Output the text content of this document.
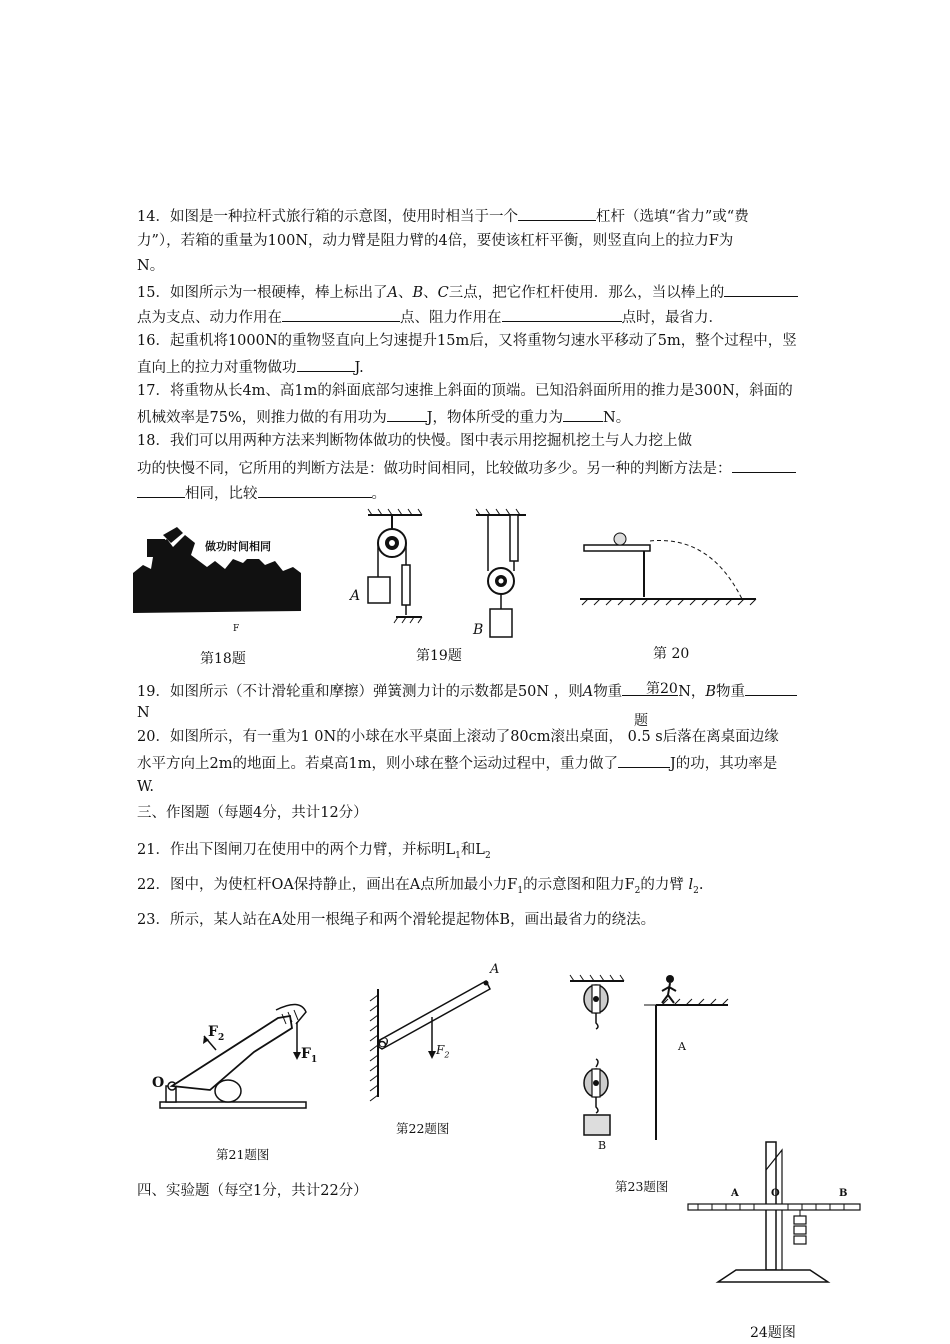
14．如图是一种拉杆式旅行箱的示意图，使用时相当于一个	杠杆（选填“省力”或“费
力”），若箱的重量为100N，动力臂是阻力臂的4倍，要使该杠杆平衡，则竖直向上的拉力F为
N。
15．如图所示为一根硬棒，棒上标出了A、B、C三点，把它作杠杆使用．那么，当以棒上的
点为支点、动力作用在	点、阻力作用在	点时，最省力．
16．起重机将1000N的重物竖直向上匀速提升15m后，又将重物匀速水平移动了5m，整个过程中，竖
直向上的拉力对重物做功	J.
17．将重物从长4m、高1m的斜面底部匀速推上斜面的顶端。已知沿斜面所用的推力是300N，斜面的
机械效率是75%，则推力做的有用功为	J，物体所受的重力为	N。
18．我们可以用两种方法来判断物体做功的快慢。图中表示用挖掘机挖土与人力挖上做
功的快慢不同，它所用的判断方法是：做功时间相同，比较做功多少。另一种的判断方法是：
相同，比较	。
做功时间相同
F
第18题
A
B
第19题	第 20
19．如图所示（不计滑轮重和摩擦）弹簧测力计的示数都是50N ，则A物重	N，B物重
第20
N	题
20．如图所示，有一重为1 0N的小球在水平桌面上滚动了80cm滚出桌面， 0.5 s后落在离桌面边缘
水平方向上2m的地面上。若桌高1m，则小球在整个运动过程中，重力做了	J的功，其功率是
W.
三、作图题（每题4分，共计12分）
21．作出下图闸刀在使用中的两个力臂，并标明$L_1$和$L_2$
22．图中，为使杠杆OA保持静止，画出在A点所加最小力$F_1$的示意图和阻力$F_2$的力臂 $l_2$.
23．所示，某人站在A处用一根绳子和两个滑轮提起物体B，画出最省力的绕法。
O
$F_2$
$F_1$
第21题图
A
O	$F_2$
第22题图
A
B
第23题图
四、实验题（每空1分，共计22分）	A	O	B
24题图
